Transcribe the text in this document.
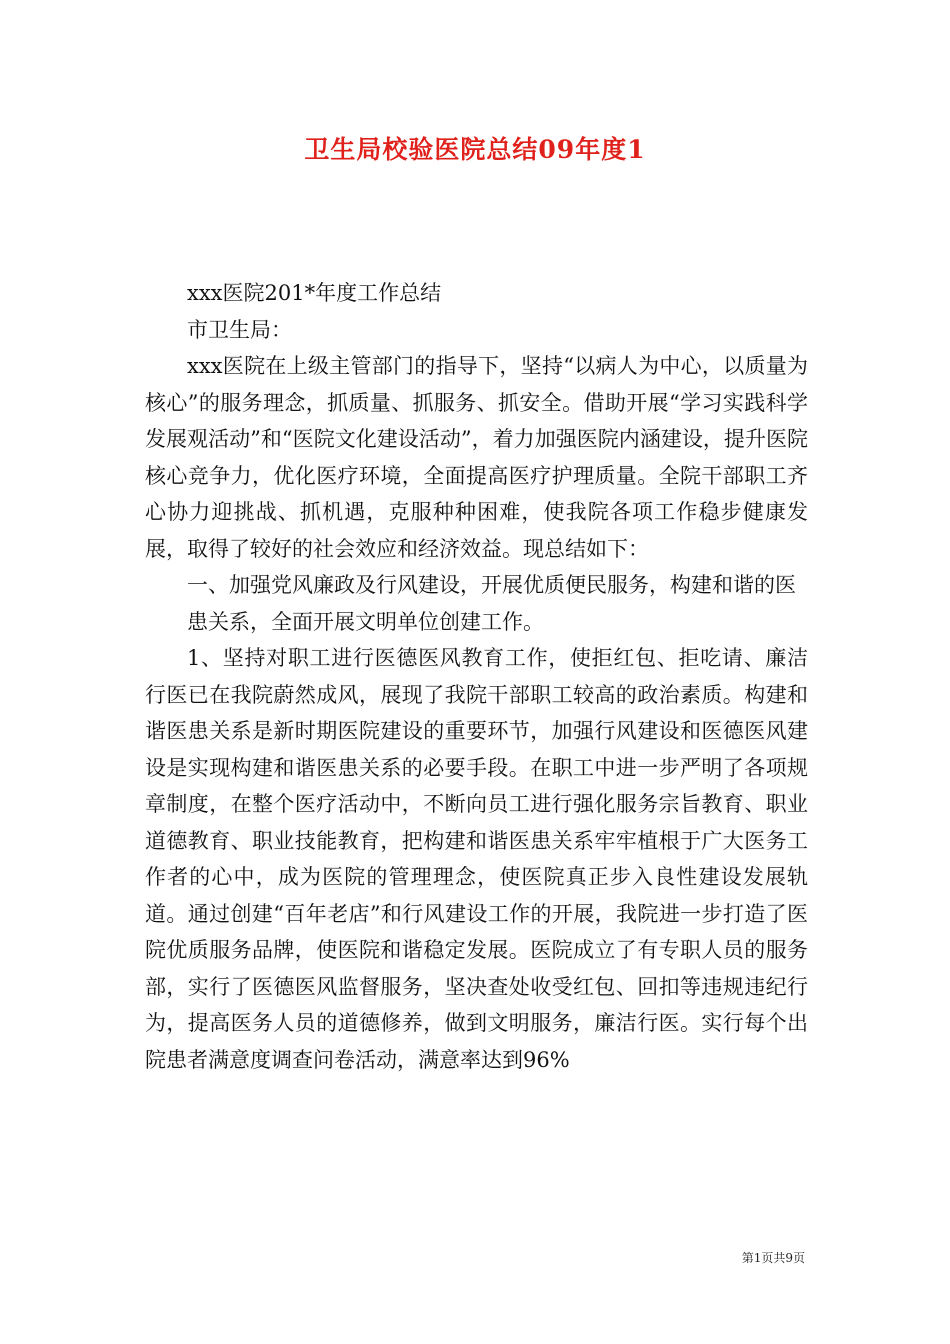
卫生局校验医院总结09年度1

xxx医院201*年度工作总结

市卫生局：

xxx医院在上级主管部门的指导下，坚持“以病人为中心，以质量为核心”的服务理念，抓质量、抓服务、抓安全。借助开展“学习实践科学发展观活动”和“医院文化建设活动”，着力加强医院内涵建设，提升医院核心竞争力，优化医疗环境，全面提高医疗护理质量。全院干部职工齐心协力迎挑战、抓机遇，克服种种困难，使我院各项工作稳步健康发展，取得了较好的社会效应和经济效益。现总结如下：

一、加强党风廉政及行风建设，开展优质便民服务，构建和谐的医

患关系，全面开展文明单位创建工作。

1、坚持对职工进行医德医风教育工作，使拒红包、拒吃请、廉洁行医已在我院蔚然成风，展现了我院干部职工较高的政治素质。构建和谐医患关系是新时期医院建设的重要环节，加强行风建设和医德医风建设是实现构建和谐医患关系的必要手段。在职工中进一步严明了各项规章制度，在整个医疗活动中，不断向员工进行强化服务宗旨教育、职业道德教育、职业技能教育，把构建和谐医患关系牢牢植根于广大医务工作者的心中，成为医院的管理理念，使医院真正步入良性建设发展轨道。通过创建“百年老店”和行风建设工作的开展，我院进一步打造了医院优质服务品牌，使医院和谐稳定发展。医院成立了有专职人员的服务部，实行了医德医风监督服务，坚决查处收受红包、回扣等违规违纪行为，提高医务人员的道德修养，做到文明服务，廉洁行医。实行每个出院患者满意度调查问卷活动，满意率达到96%

第1页共9页
